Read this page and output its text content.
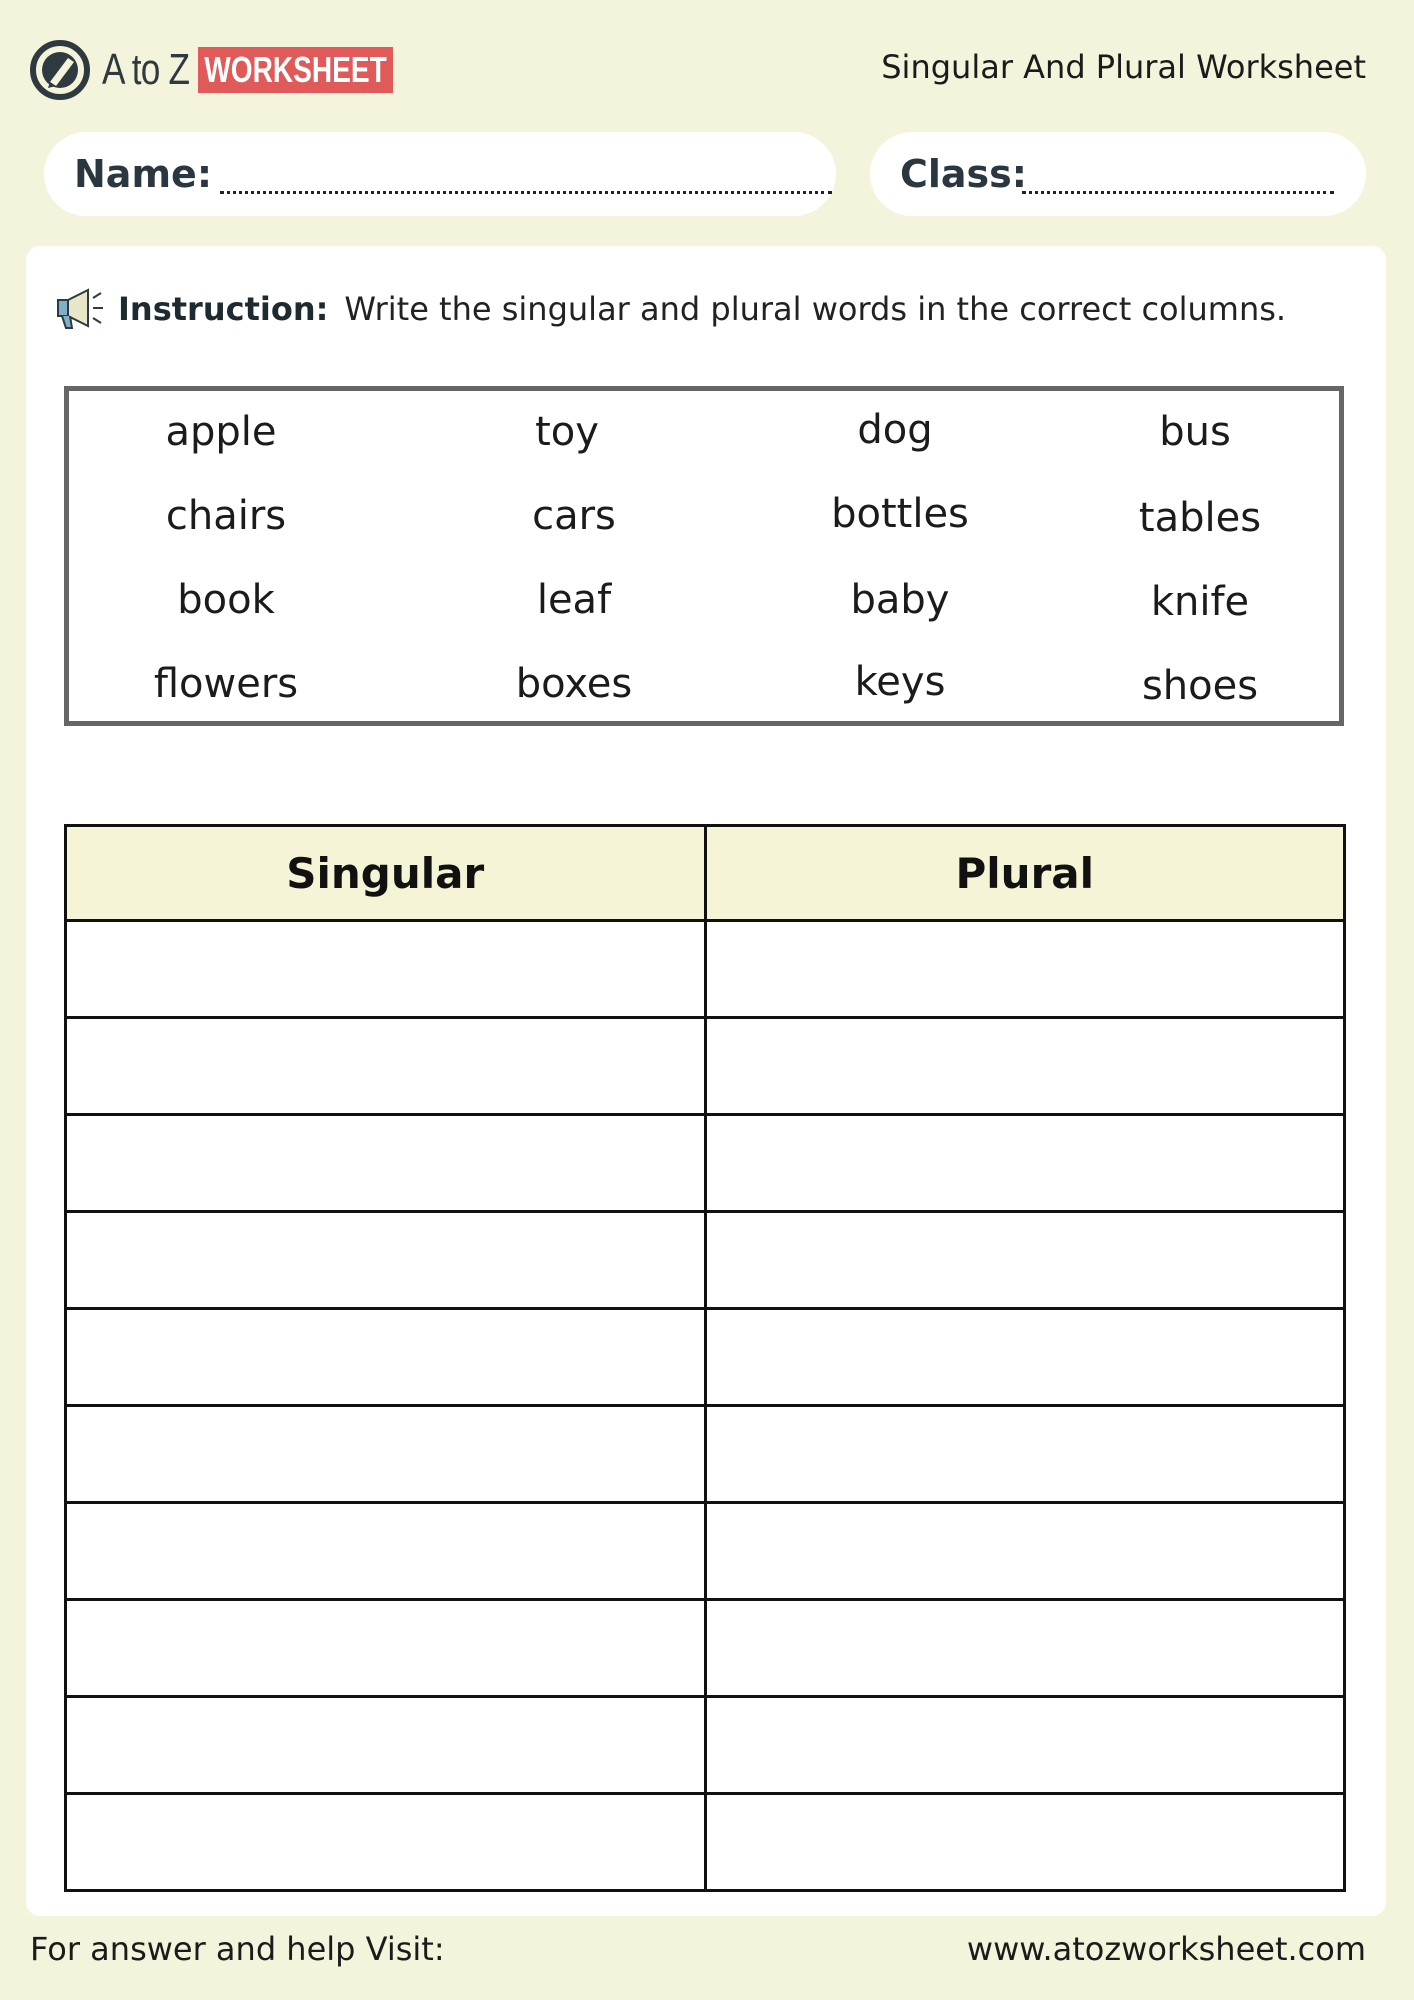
A to Z WORKSHEET	Singular And Plural Worksheet
Name:	Class:
Instruction: Write the singular and plural words in the correct columns.
apple	toy	dog	bus
chairs	cars	bottles	tables
book	leaf	baby	knife
flowers	boxes	keys	shoes
Singular	Plural

For answer and help Visit:	www.atozworksheet.com
